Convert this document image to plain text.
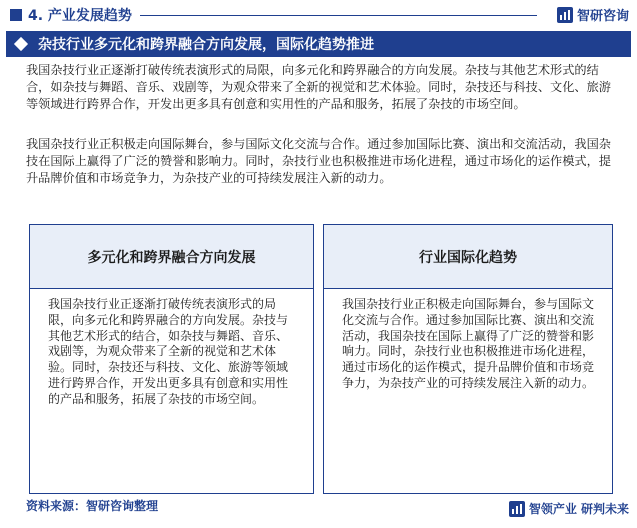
4. 产业发展趋势	智研咨询
杂技行业多元化和跨界融合方向发展，国际化趋势推进

我国杂技行业正逐渐打破传统表演形式的局限，向多元化和跨界融合的方向发展。杂技与其他艺术形式的结合，如杂技与舞蹈、音乐、戏剧等，为观众带来了全新的视觉和艺术体验。同时，杂技还与科技、文化、旅游等领域进行跨界合作，开发出更多具有创意和实用性的产品和服务，拓展了杂技的市场空间。

我国杂技行业正积极走向国际舞台，参与国际文化交流与合作。通过参加国际比赛、演出和交流活动，我国杂技在国际上赢得了广泛的赞誉和影响力。同时，杂技行业也积极推进市场化进程，通过市场化的运作模式，提升品牌价值和市场竞争力，为杂技产业的可持续发展注入新的动力。

多元化和跨界融合方向发展
我国杂技行业正逐渐打破传统表演形式的局限，向多元化和跨界融合的方向发展。杂技与其他艺术形式的结合，如杂技与舞蹈、音乐、戏剧等，为观众带来了全新的视觉和艺术体验。同时，杂技还与科技、文化、旅游等领域进行跨界合作，开发出更多具有创意和实用性的产品和服务，拓展了杂技的市场空间。
行业国际化趋势
我国杂技行业正积极走向国际舞台，参与国际文化交流与合作。通过参加国际比赛、演出和交流活动，我国杂技在国际上赢得了广泛的赞誉和影响力。同时，杂技行业也积极推进市场化进程，通过市场化的运作模式，提升品牌价值和市场竞争力，为杂技产业的可持续发展注入新的动力。
资料来源：智研咨询整理	智领产业 研判未来
